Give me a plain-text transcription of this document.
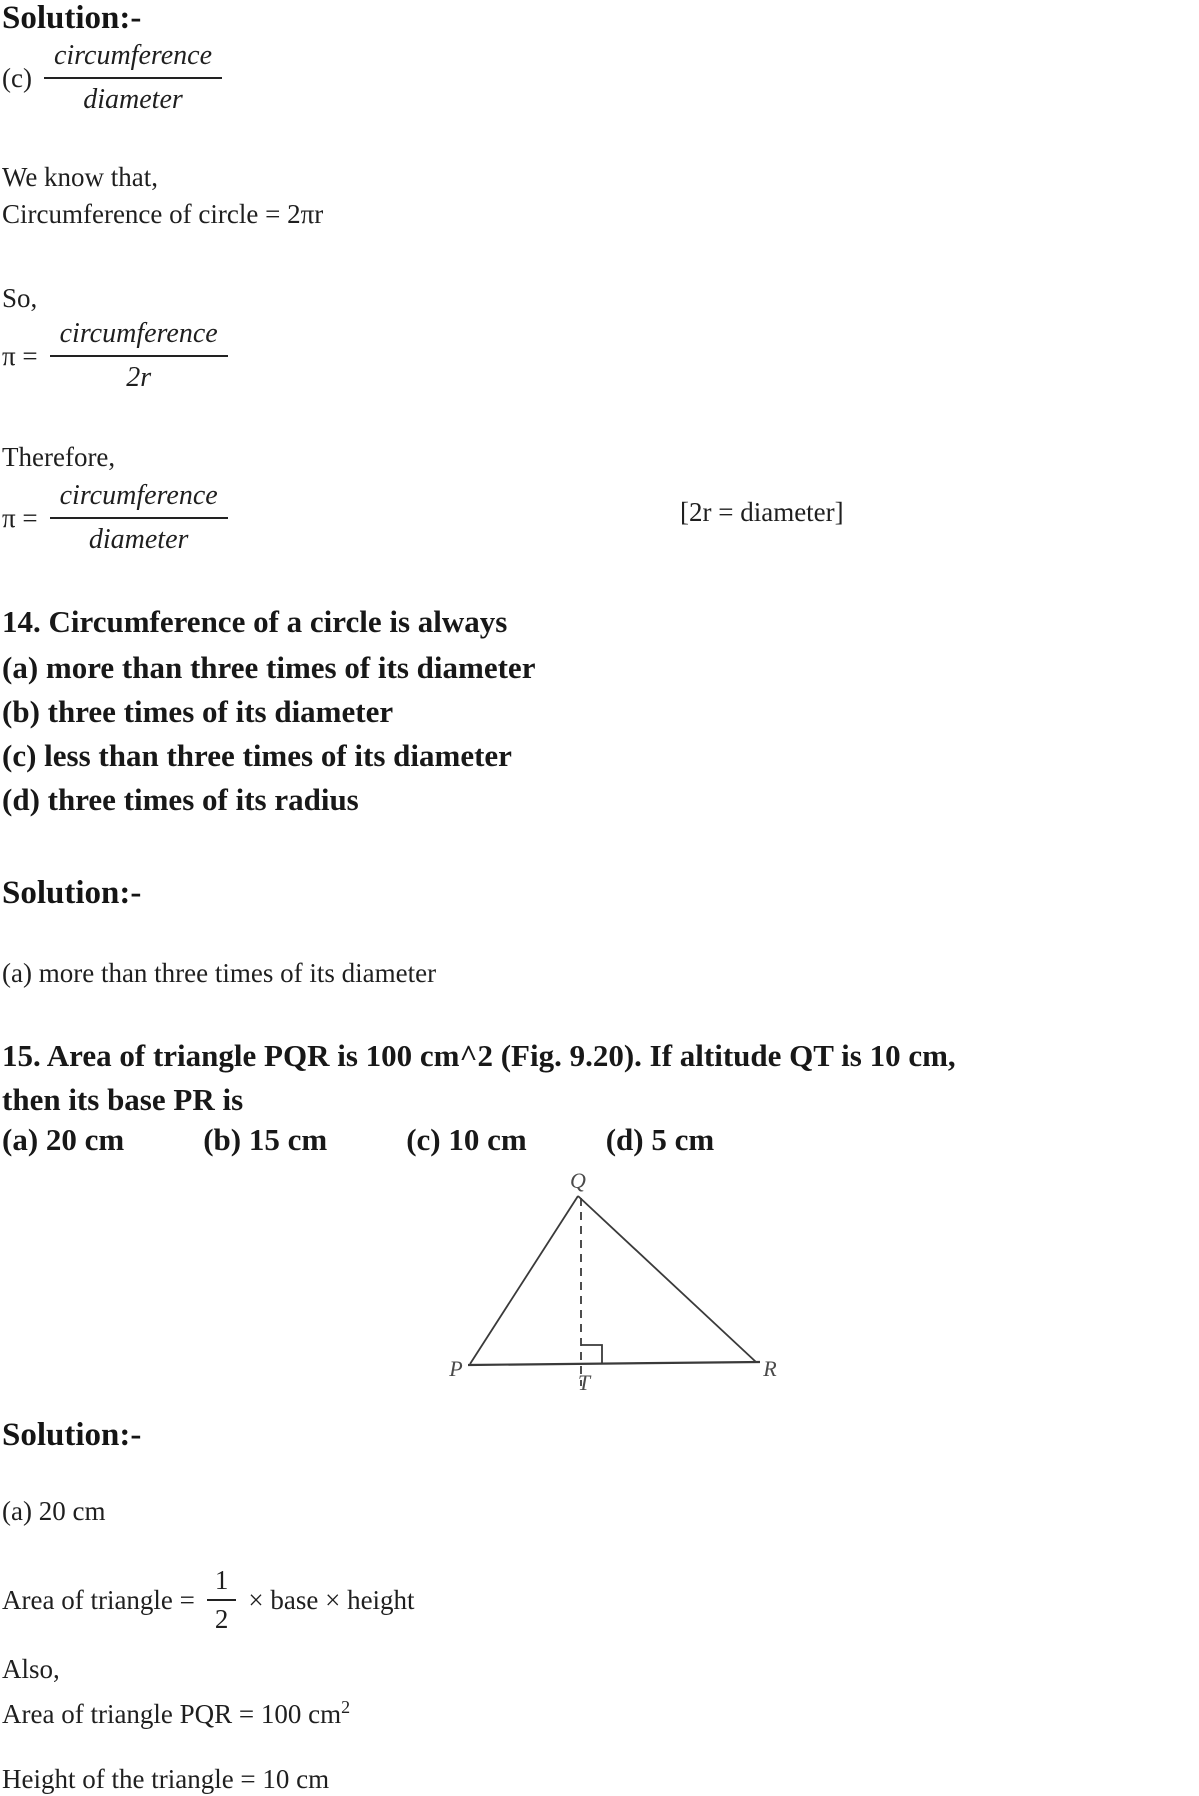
Solution:-
$(c) \frac{\text{circumference}}{\text{diameter}}$
We know that,
Circumference of circle = 2πr
So,
$\pi = \frac{\text{circumference}}{2r}$
Therefore,
$\pi = \frac{\text{circumference}}{\text{diameter}}$	[2r = diameter]
14. Circumference of a circle is always
(a) more than three times of its diameter
(b) three times of its diameter
(c) less than three times of its diameter
(d) three times of its radius
Solution:-
(a) more than three times of its diameter
15. Area of triangle PQR is 100 cm^2 (Fig. 9.20). If altitude QT is 10 cm,
then its base PR is
(a) 20 cm	(b) 15 cm	(c) 10 cm	(d) 5 cm
Q
P	R
T
Solution:-
(a) 20 cm
Area of triangle = $\frac{1}{2}$ × base × height
Also,
Area of triangle PQR = 100 $cm^2$
Height of the triangle = 10 cm
